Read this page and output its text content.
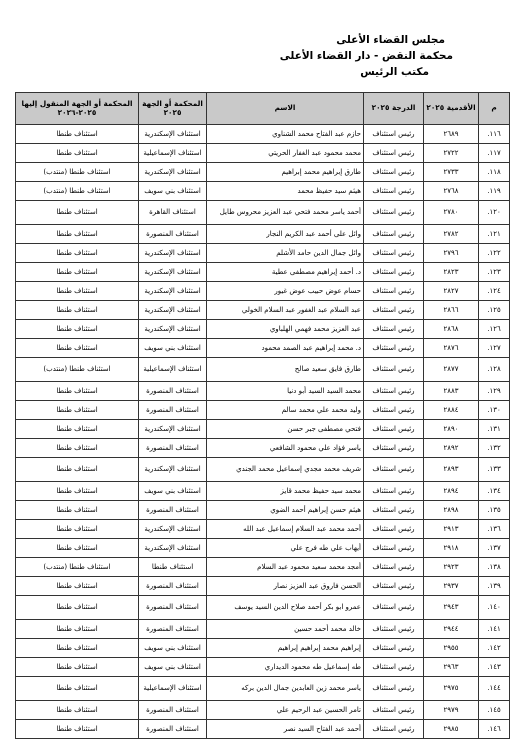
مجلس القضاء الأعلى
محكمة النقض - دار القضاء الأعلى
مكتب الرئيس
م	الأقدمية ٢٠٢٥	الدرجة ٢٠٢٥	الاسم	المحكمة أو الجهة ٢٠٢٥	المحكمة أو الجهة المنقول إليها ٢٠٢٥-٢٠٢٦
١١٦.	٢٦٨٩	رئيس استئناف	حازم عبد الفتاح محمد الشناوي	استئناف الإسكندرية	استئناف طنطا
١١٧.	٢٧٢٢	رئيس استئناف	محمد محمود عبد الغفار الحريتي	استئناف الإسماعيلية	استئناف طنطا
١١٨.	٢٧٣٣	رئيس استئناف	طارق إبراهيم محمد إبراهيم	استئناف الإسكندرية	استئناف طنطا (منتدب)
١١٩.	٢٧٦٨	رئيس استئناف	هيثم سيد حفيظ محمد	استئناف بني سويف	استئناف طنطا (منتدب)
١٢٠.	٢٧٨٠	رئيس استئناف	أحمد ياسر محمد فتحي عبد العزيز محروس طايل	استئناف القاهرة	استئناف طنطا
١٢١.	٢٧٨٢	رئيس استئناف	وائل على أحمد عبد الكريم النجار	استئناف المنصورة	استئناف طنطا
١٢٢.	٢٧٩٦	رئيس استئناف	وائل جمال الدين حامد الأشلم	استئناف الإسكندرية	استئناف طنطا
١٢٣.	٢٨٢٣	رئيس استئناف	د. أحمد إبراهيم مصطفى عطية	استئناف الإسكندرية	استئناف طنطا
١٢٤.	٢٨٢٧	رئيس استئناف	حسام عوض حبيب عوض غيور	استئناف الإسكندرية	استئناف طنطا
١٢٥.	٢٨٦٦	رئيس استئناف	عبد السلام عبد الغفور عبد السلام الخولي	استئناف الإسكندرية	استئناف طنطا
١٢٦.	٢٨٦٨	رئيس استئناف	عبد العزيز محمد فهمي الهلباوي	استئناف الإسكندرية	استئناف طنطا
١٢٧.	٢٨٧٦	رئيس استئناف	د. محمد إبراهيم عبد الصمد محمود	استئناف بني سويف	استئناف طنطا
١٢٨.	٢٨٧٧	رئيس استئناف	طارق فايق سعيد صالح	استئناف الإسماعيلية	استئناف طنطا (منتدب)
١٢٩.	٢٨٨٣	رئيس استئناف	محمد السيد السيد أبو دنيا	استئناف المنصورة	استئناف طنطا
١٣٠.	٢٨٨٤	رئيس استئناف	وليد محمد علي محمد سالم	استئناف المنصورة	استئناف طنطا
١٣١.	٢٨٩٠	رئيس استئناف	فتحي مصطفى جبر حسن	استئناف الإسكندرية	استئناف طنطا
١٣٢.	٢٨٩٢	رئيس استئناف	ياسر فؤاد علي محمود الشافعي	استئناف المنصورة	استئناف طنطا
١٣٣.	٢٨٩٣	رئيس استئناف	شريف محمد مجدي إسماعيل محمد الجندي	استئناف الإسكندرية	استئناف طنطا
١٣٤.	٢٨٩٤	رئيس استئناف	محمد سيد حفيظ محمد قايز	استئناف بني سويف	استئناف طنطا
١٣٥.	٢٨٩٨	رئيس استئناف	هيثم حسن إبراهيم أحمد الضوي	استئناف المنصورة	استئناف طنطا
١٣٦.	٢٩١٣	رئيس استئناف	أحمد محمد عبد السلام إسماعيل عبد الله	استئناف الإسكندرية	استئناف طنطا
١٣٧.	٢٩١٨	رئيس استئناف	أيهاب علي طه فرج علي	استئناف الإسكندرية	استئناف طنطا
١٣٨.	٢٩٢٣	رئيس استئناف	أمجد محمد سعيد محمود عبد السلام	استئناف طنطا	استئناف طنطا (منتدب)
١٣٩.	٢٩٣٧	رئيس استئناف	الحسن فاروق عبد العزيز نصار	استئناف المنصورة	استئناف طنطا
١٤٠.	٢٩٤٣	رئيس استئناف	عمرو ابو بكر أحمد صلاح الدين السيد يوسف	استئناف المنصورة	استئناف طنطا
١٤١.	٢٩٤٤	رئيس استئناف	خالد محمد أحمد حسين	استئناف المنصورة	استئناف طنطا
١٤٢.	٢٩٥٥	رئيس استئناف	إبراهيم محمد إبراهيم إبراهيم	استئناف بني سويف	استئناف طنطا
١٤٣.	٢٩٦٣	رئيس استئناف	طه إسماعيل طه محمود الديداري	استئناف بني سويف	استئناف طنطا
١٤٤.	٢٩٧٥	رئيس استئناف	ياسر محمد زين العابدين جمال الدين بركه	استئناف الإسماعيلية	استئناف طنطا
١٤٥.	٢٩٧٩	رئيس استئناف	تامر الحسين عبد الرحيم علي	استئناف المنصورة	استئناف طنطا
١٤٦.	٢٩٨٥	رئيس استئناف	أحمد عبد الفتاح السيد نصر	استئناف المنصورة	استئناف طنطا
